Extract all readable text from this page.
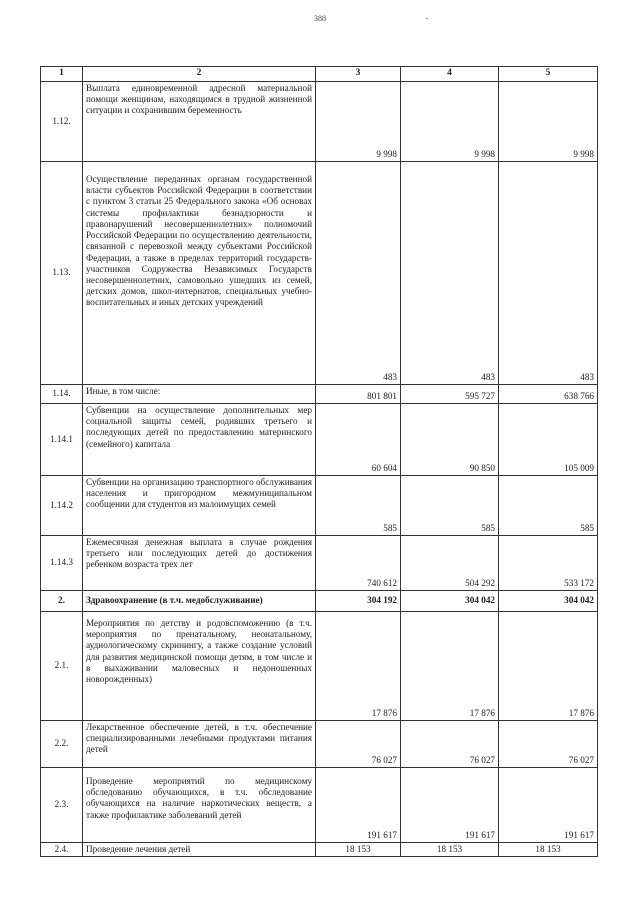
388
1	2	3	4	5
1.12.	Выплата единовременной адресной материальной помощи женщинам, находящимся в трудной жизненной ситуации и сохранившим беременность	9 998	9 998	9 998
1.13.	Осуществление переданных органам государственной власти субъектов Российской Федерации в соответствии с пунктом 3 статьи 25 Федерального закона «Об основах системы профилактики безнадзорности и правонарушений несовершеннолетних» полномочий Российской Федерации по осуществлению деятельности, связанной с перевозкой между субъектами Российской Федерации, а также в пределах территорий государств-участников Содружества Независимых Государств несовершеннолетних, самовольно ушедших из семей, детских домов, школ-интернатов, специальных учебно-воспитательных и иных детских учреждений	483	483	483
1.14.	Иные, в том числе:	801 801	595 727	638 766
1.14.1	Субвенции на осуществление дополнительных мер социальной защиты семей, родивших третьего и последующих детей по предоставлению материнского (семейного) капитала	60 604	90 850	105 009
1.14.2	Субвенции на организацию транспортного обслуживания населения и пригородном межмуниципальном сообщении для студентов из малоимущих семей	585	585	585
1.14.3	Ежемесячная денежная выплата в случае рождения третьего или последующих детей до достижения ребенком возраста трех лет	740 612	504 292	533 172
2.	Здравоохранение (в т.ч. медобслуживание)	304 192	304 042	304 042
2.1.	Мероприятия по детству и родовспоможению (в т.ч. мероприятия по пренатальному, неонатальному, аудиологическому скринингу, а также создание условий для развития медицинской помощи детям, в том числе и в выхаживании маловесных и недоношенных новорожденных)	17 876	17 876	17 876
2.2.	Лекарственное обеспечение детей, в т.ч. обеспечение специализированными лечебными продуктами питания детей	76 027	76 027	76 027
2.3.	Проведение мероприятий по медицинскому обследованию обучающихся, в т.ч. обследование обучающихся на наличие наркотических веществ, а также профилактике заболеваний детей	191 617	191 617	191 617
2.4.	Проведение лечения детей	18 153	18 153	18 153
